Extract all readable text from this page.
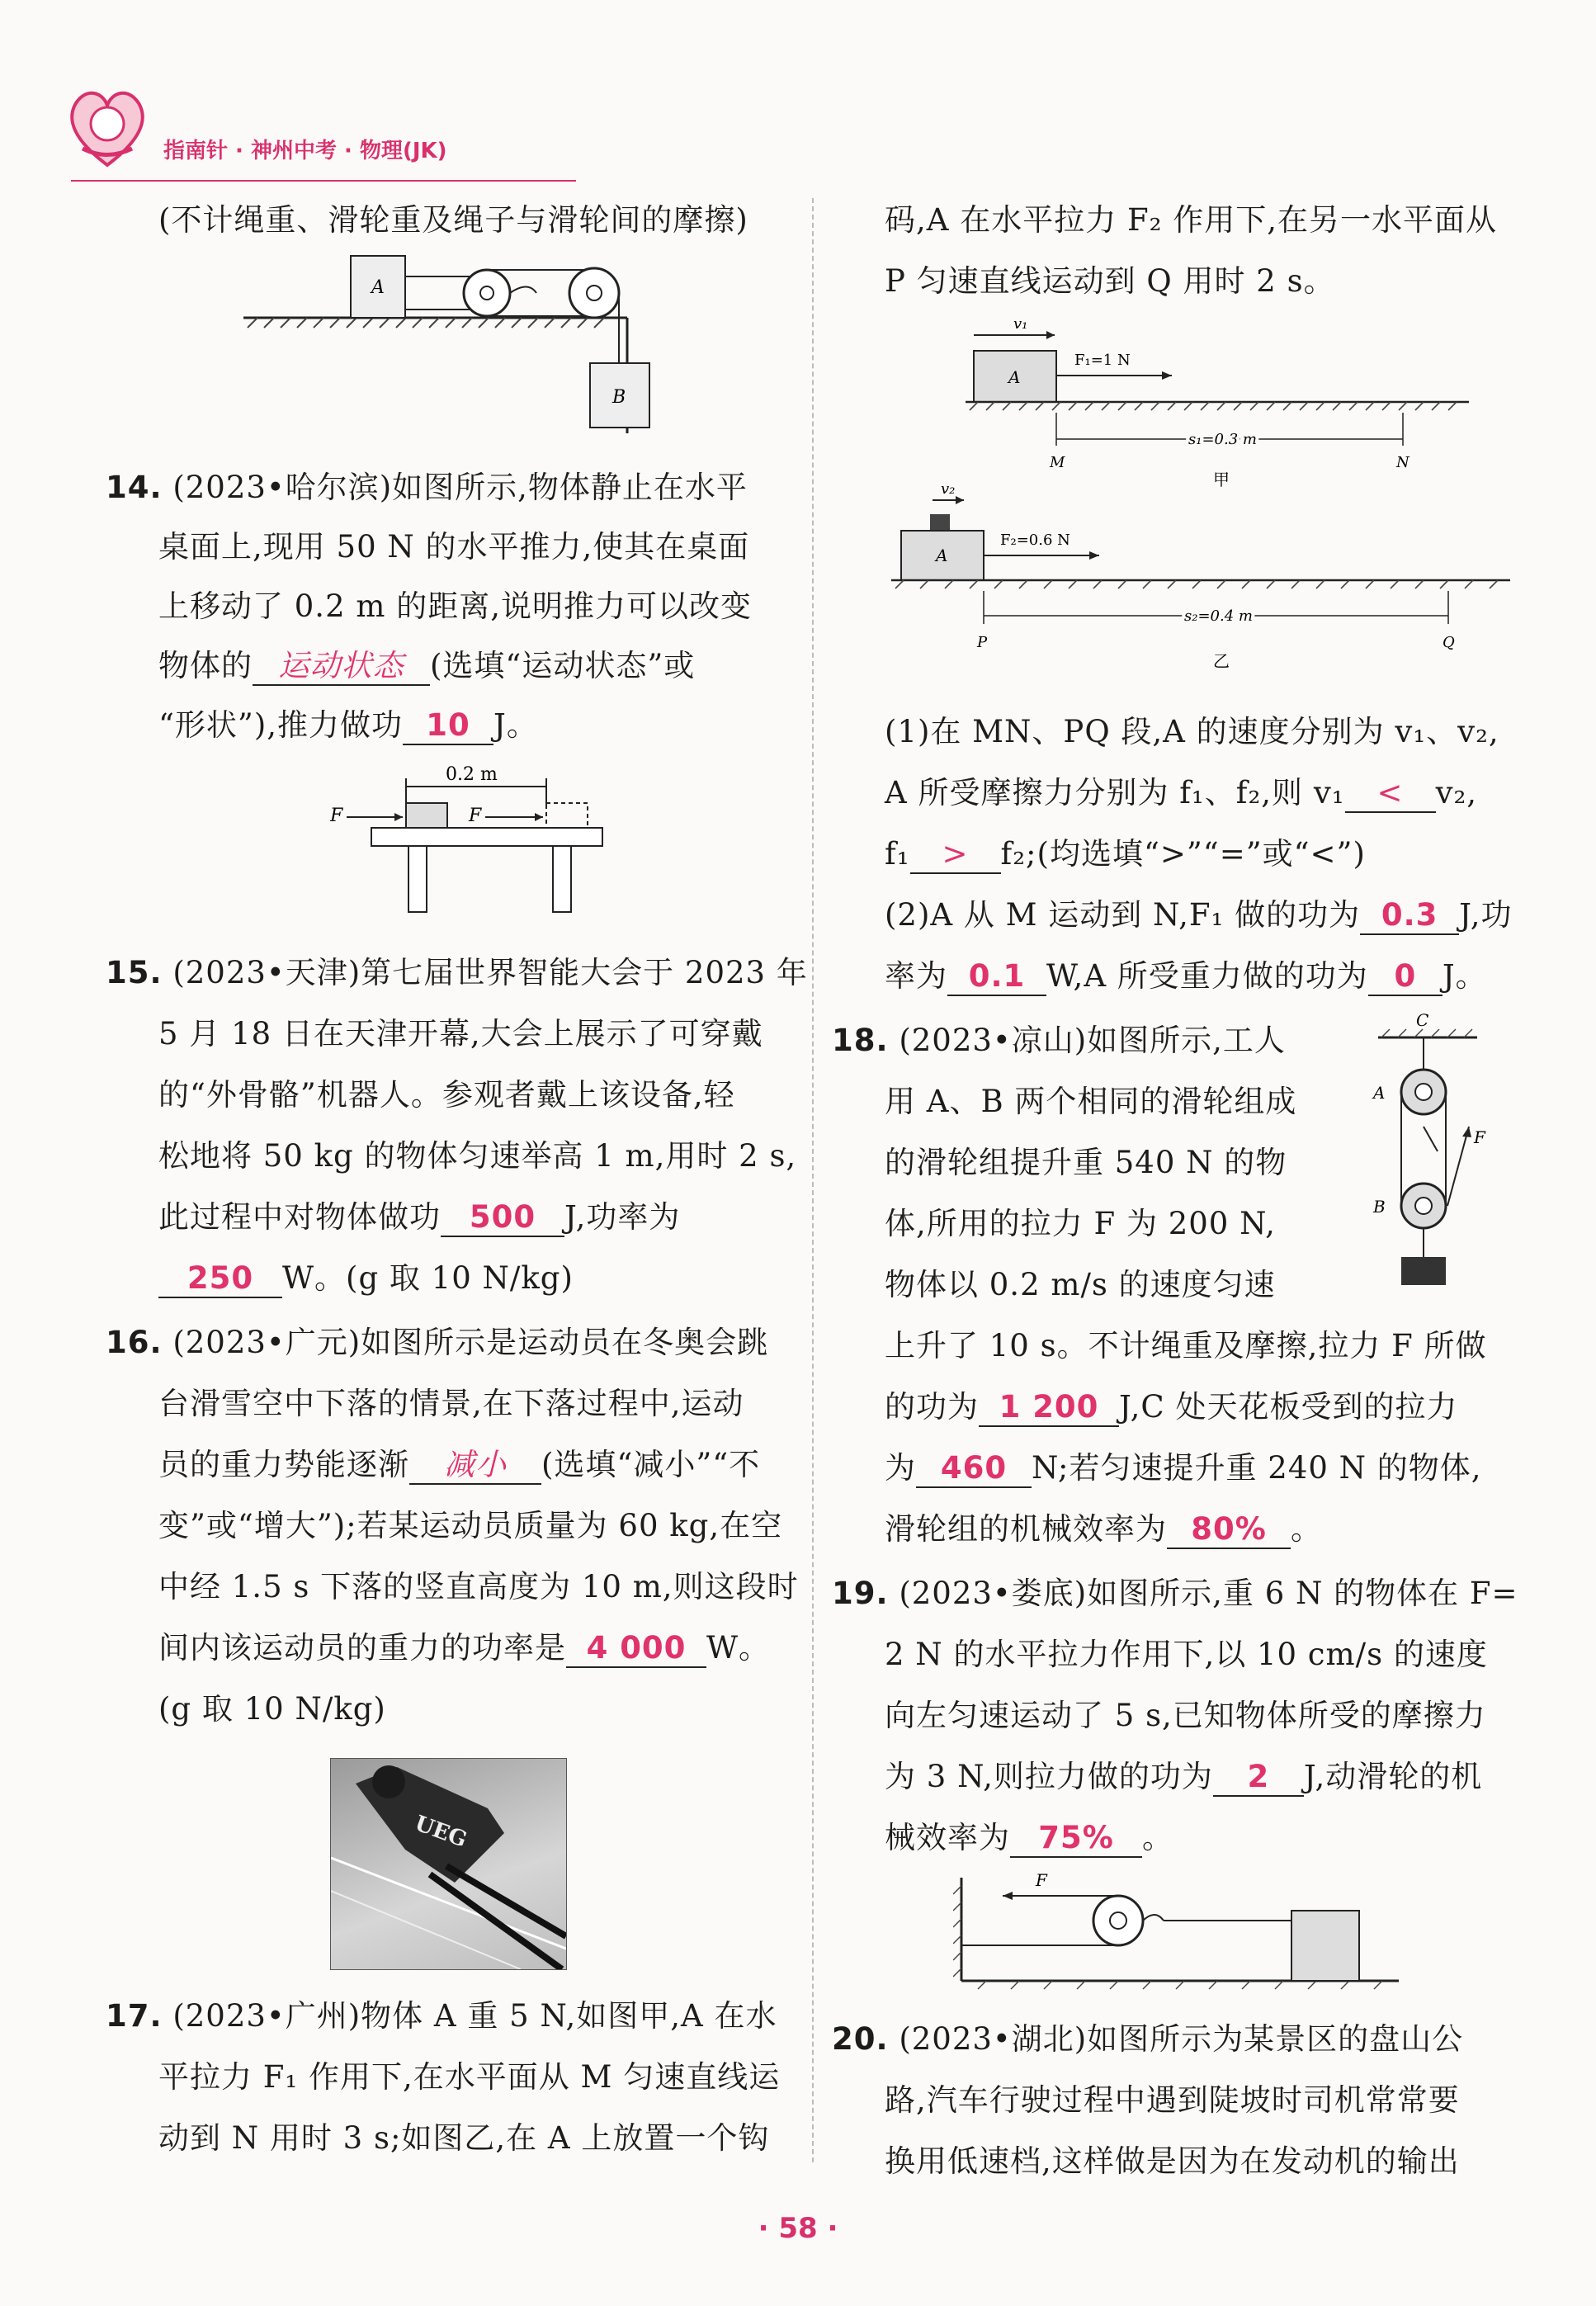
指南针 · 神州中考 · 物理(JK)
(不计绳重、滑轮重及绳子与滑轮间的摩擦)
A
B
14. (2023•哈尔滨)如图所示,物体静止在水平
桌面上,现用 50 N 的水平推力,使其在桌面
上移动了 0.2 m 的距离,说明推力可以改变
物体的 运动状态 (选填“运动状态”或
“形状”),推力做功 10 J。
0.2 m
F	F
15. (2023•天津)第七届世界智能大会于 2023 年
5 月 18 日在天津开幕,大会上展示了可穿戴
的“外骨骼”机器人。参观者戴上该设备,轻
松地将 50 kg 的物体匀速举高 1 m,用时 2 s,
此过程中对物体做功 500 J,功率为
250 W。(g 取 10 N/kg)
16. (2023•广元)如图所示是运动员在冬奥会跳
台滑雪空中下落的情景,在下落过程中,运动
员的重力势能逐渐 减小 (选填“减小”“不
变”或“增大”);若某运动员质量为 60 kg,在空
中经 1.5 s 下落的竖直高度为 10 m,则这段时
间内该运动员的重力的功率是 4 000 W。
(g 取 10 N/kg)
UEG
17. (2023•广州)物体 A 重 5 N,如图甲,A 在水
平拉力 F₁ 作用下,在水平面从 M 匀速直线运
动到 N 用时 3 s;如图乙,在 A 上放置一个钩
码,A 在水平拉力 F₂ 作用下,在另一水平面从
P 匀速直线运动到 Q 用时 2 s。
v₁
A
F₁=1 N
s₁=0.3 m
M	N
甲
v₂
A
F₂=0.6 N
s₂=0.4 m
P	Q
乙
(1)在 MN、PQ 段,A 的速度分别为 v₁、v₂,
A 所受摩擦力分别为 f₁、f₂,则 v₁ < v₂,
f₁ > f₂;(均选填“>”“=”或“<”)
(2)A 从 M 运动到 N,F₁ 做的功为 0.3 J,功
率为 0.1 W,A 所受重力做的功为 0 J。
18. (2023•凉山)如图所示,工人
用 A、B 两个相同的滑轮组成
的滑轮组提升重 540 N 的物
体,所用的拉力 F 为 200 N,
物体以 0.2 m/s 的速度匀速
上升了 10 s。不计绳重及摩擦,拉力 F 所做
的功为 1 200 J,C 处天花板受到的拉力
为 460 N;若匀速提升重 240 N 的物体,
滑轮组的机械效率为 80% 。
C
A
F
B
19. (2023•娄底)如图所示,重 6 N 的物体在 F=
2 N 的水平拉力作用下,以 10 cm/s 的速度
向左匀速运动了 5 s,已知物体所受的摩擦力
为 3 N,则拉力做的功为 2 J,动滑轮的机
械效率为 75% 。
F
20. (2023•湖北)如图所示为某景区的盘山公
路,汽车行驶过程中遇到陡坡时司机常常要
换用低速档,这样做是因为在发动机的输出
· 58 ·
